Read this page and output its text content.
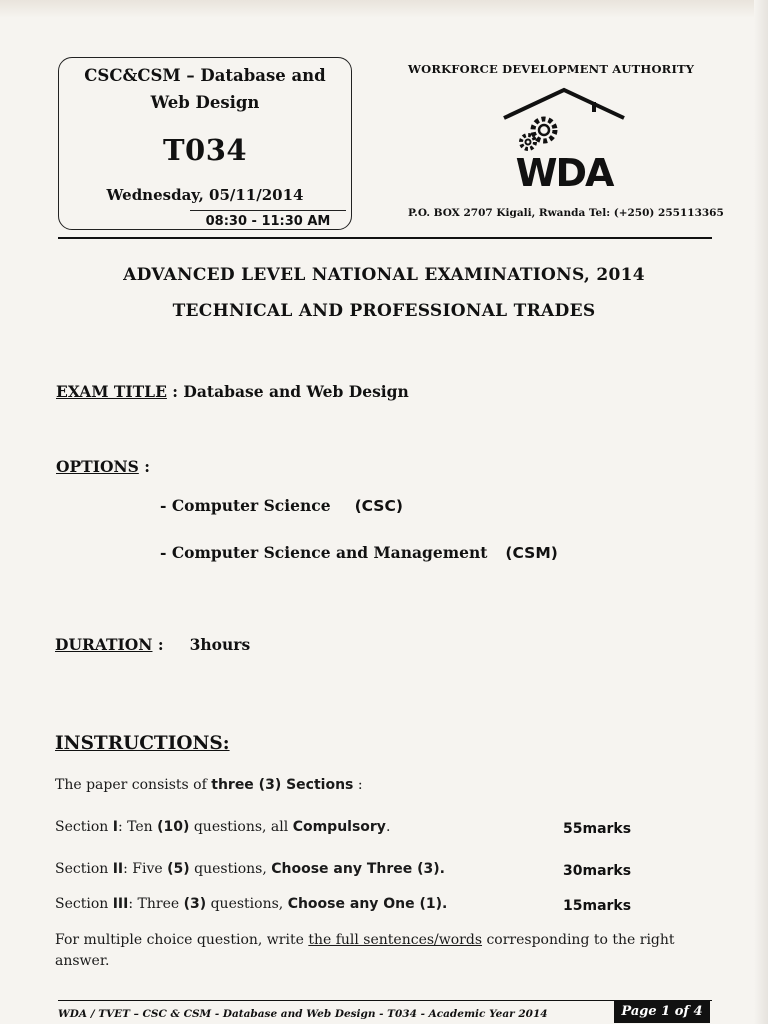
CSC&CSM – Database and
Web Design
T034
Wednesday, 05/11/2014
08:30 - 11:30 AM
WORKFORCE DEVELOPMENT AUTHORITY
WDA
P.O. BOX 2707 Kigali, Rwanda Tel: (+250) 255113365
ADVANCED LEVEL NATIONAL EXAMINATIONS, 2014
TECHNICAL AND PROFESSIONAL TRADES
EXAM TITLE : Database and Web Design
OPTIONS :
- Computer Science (CSC)
- Computer Science and Management (CSM)
DURATION : 3hours
INSTRUCTIONS:
The paper consists of three (3) Sections :
Section I: Ten (10) questions, all Compulsory.	55marks
Section II: Five (5) questions, Choose any Three (3).	30marks
Section III: Three (3) questions, Choose any One (1).	15marks
For multiple choice question, write the full sentences/words corresponding to the right answer.
WDA / TVET – CSC & CSM - Database and Web Design - T034 - Academic Year 2014	Page 1 of 4
